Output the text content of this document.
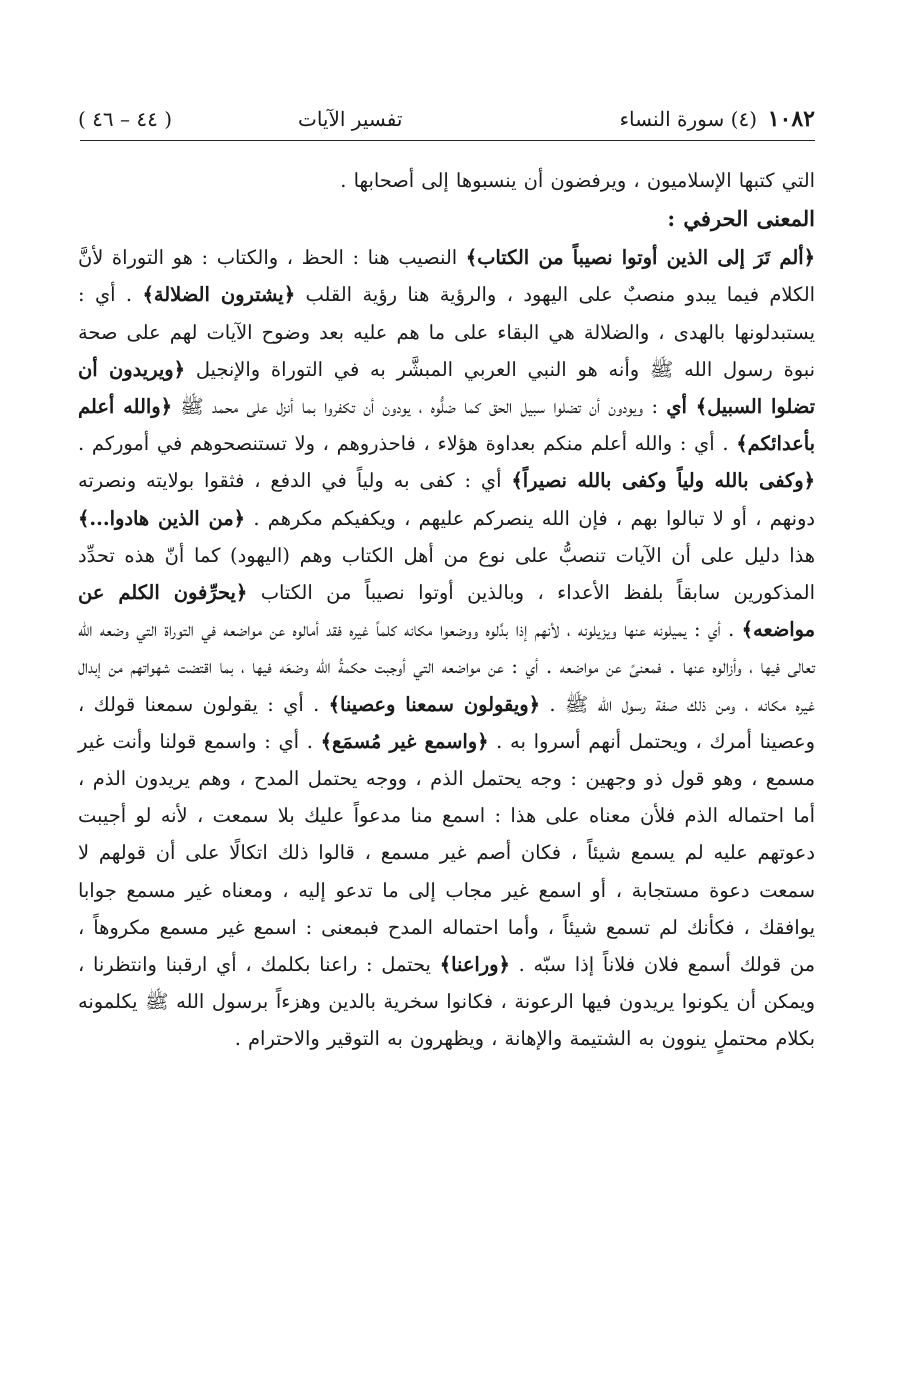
١٠٨٢
(٤) سورة النساء
تفسير الآيات
( ٤٤ – ٤٦ )

التي كتبها الإسلاميون ، ويرفضون أن ينسبوها إلى أصحابها .

المعنى الحرفي :

﴿ألم تَرَ إلى الذين أوتوا نصيباً من الكتاب﴾ النصيب هنا : الحظ ، والكتاب : هو التوراة لأنَّ الكلام فيما يبدو منصبٌ على اليهود ، والرؤية هنا رؤية القلب ﴿يشترون الضلالة﴾ . أي : يستبدلونها بالهدى ، والضلالة هي البقاء على ما هم عليه بعد وضوح الآيات لهم على صحة نبوة رسول الله ﷺ وأنه هو النبي العربي المبشَّر به في التوراة والإنجيل ﴿ويريدون أن تضلوا السبيل﴾ أي : ويودون أن تضلوا سبيل الحق كما ضلُّوه ، يودون أن تكفروا بما أنزل على محمد ﷺ ﴿والله أعلم بأعدائكم﴾ . أي : والله أعلم منكم بعداوة هؤلاء ، فاحذروهم ، ولا تستنصحوهم في أموركم . ﴿وكفى بالله ولياً وكفى بالله نصيراً﴾ أي : كفى به ولياً في الدفع ، فثقوا بولايته ونصرته دونهم ، أو لا تبالوا بهم ، فإن الله ينصركم عليهم ، ويكفيكم مكرهم . ﴿من الذين هادوا...﴾ هذا دليل على أن الآيات تنصبُّ على نوع من أهل الكتاب وهم (اليهود) كما أنّ هذه تحدِّد المذكورين سابقاً بلفظ الأعداء ، وبالذين أوتوا نصيباً من الكتاب ﴿يحرِّفون الكلم عن مواضعه﴾ . أي : يميلونه عنها ويزيلونه ، لأنهم إذا بدَّلوه ووضعوا مكانه كلماً غيره فقد أمالوه عن مواضعه في التوراة التي وضعه الله تعالى فيها ، وأزالوه عنها . فمعنىً عن مواضعه . أي : عن مواضعه التي أوجبت حكمةُ الله وضعَه فيها ، بما اقتضت شهواتهم من إبدال غيره مكانه ، ومن ذلك صفة رسول الله ﷺ . ﴿ويقولون سمعنا وعصينا﴾ . أي : يقولون سمعنا قولك ، وعصينا أمرك ، ويحتمل أنهم أسروا به . ﴿واسمع غير مُسمَع﴾ . أي : واسمع قولنا وأنت غير مسمع ، وهو قول ذو وجهين : وجه يحتمل الذم ، ووجه يحتمل المدح ، وهم يريدون الذم ، أما احتماله الذم فلأن معناه على هذا : اسمع منا مدعواً عليك بلا سمعت ، لأنه لو أجيبت دعوتهم عليه لم يسمع شيئاً ، فكان أصم غير مسمع ، قالوا ذلك اتكالًا على أن قولهم لا سمعت دعوة مستجابة ، أو اسمع غير مجاب إلى ما تدعو إليه ، ومعناه غير مسمع جوابا يوافقك ، فكأنك لم تسمع شيئاً ، وأما احتماله المدح فبمعنى : اسمع غير مسمع مكروهاً ، من قولك أسمع فلان فلاناً إذا سبّه . ﴿وراعنا﴾ يحتمل : راعنا بكلمك ، أي ارقبنا وانتظرنا ، ويمكن أن يكونوا يريدون فيها الرعونة ، فكانوا سخرية بالدين وهزءاً برسول الله ﷺ يكلمونه بكلام محتملٍ ينوون به الشتيمة والإهانة ، ويظهرون به التوقير والاحترام .
